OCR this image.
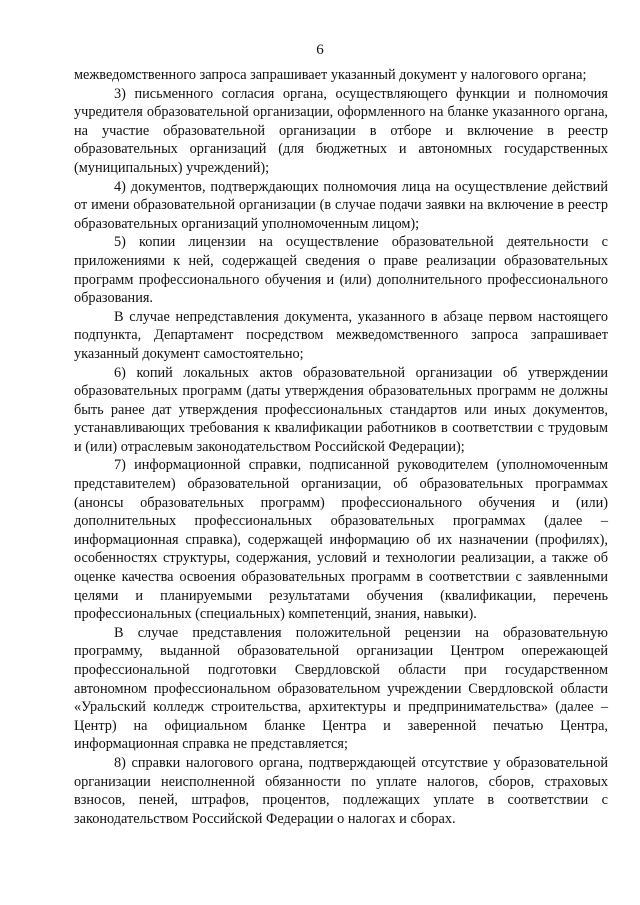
6

межведомственного запроса запрашивает указанный документ у налогового органа;

3) письменного согласия органа, осуществляющего функции и полномочия учредителя образовательной организации, оформленного на бланке указанного органа, на участие образовательной организации в отборе и включение в реестр образовательных организаций (для бюджетных и автономных государственных (муниципальных) учреждений);

4) документов, подтверждающих полномочия лица на осуществление действий от имени образовательной организации (в случае подачи заявки на включение в реестр образовательных организаций уполномоченным лицом);

5) копии лицензии на осуществление образовательной деятельности с приложениями к ней, содержащей сведения о праве реализации образовательных программ профессионального обучения и (или) дополнительного профессионального образования.

В случае непредставления документа, указанного в абзаце первом настоящего подпункта, Департамент посредством межведомственного запроса запрашивает указанный документ самостоятельно;

6) копий локальных актов образовательной организации об утверждении образовательных программ (даты утверждения образовательных программ не должны быть ранее дат утверждения профессиональных стандартов или иных документов, устанавливающих требования к квалификации работников в соответствии с трудовым и (или) отраслевым законодательством Российской Федерации);

7) информационной справки, подписанной руководителем (уполномоченным представителем) образовательной организации, об образовательных программах (анонсы образовательных программ) профессионального обучения и (или) дополнительных профессиональных образовательных программах (далее – информационная справка), содержащей информацию об их назначении (профилях), особенностях структуры, содержания, условий и технологии реализации, а также об оценке качества освоения образовательных программ в соответствии с заявленными целями и планируемыми результатами обучения (квалификации, перечень профессиональных (специальных) компетенций, знания, навыки).

В случае представления положительной рецензии на образовательную программу, выданной образовательной организации Центром опережающей профессиональной подготовки Свердловской области при государственном автономном профессиональном образовательном учреждении Свердловской области «Уральский колледж строительства, архитектуры и предпринимательства» (далее – Центр) на официальном бланке Центра и заверенной печатью Центра, информационная справка не представляется;

8) справки налогового органа, подтверждающей отсутствие у образовательной организации неисполненной обязанности по уплате налогов, сборов, страховых взносов, пеней, штрафов, процентов, подлежащих уплате в соответствии с законодательством Российской Федерации о налогах и сборах.
